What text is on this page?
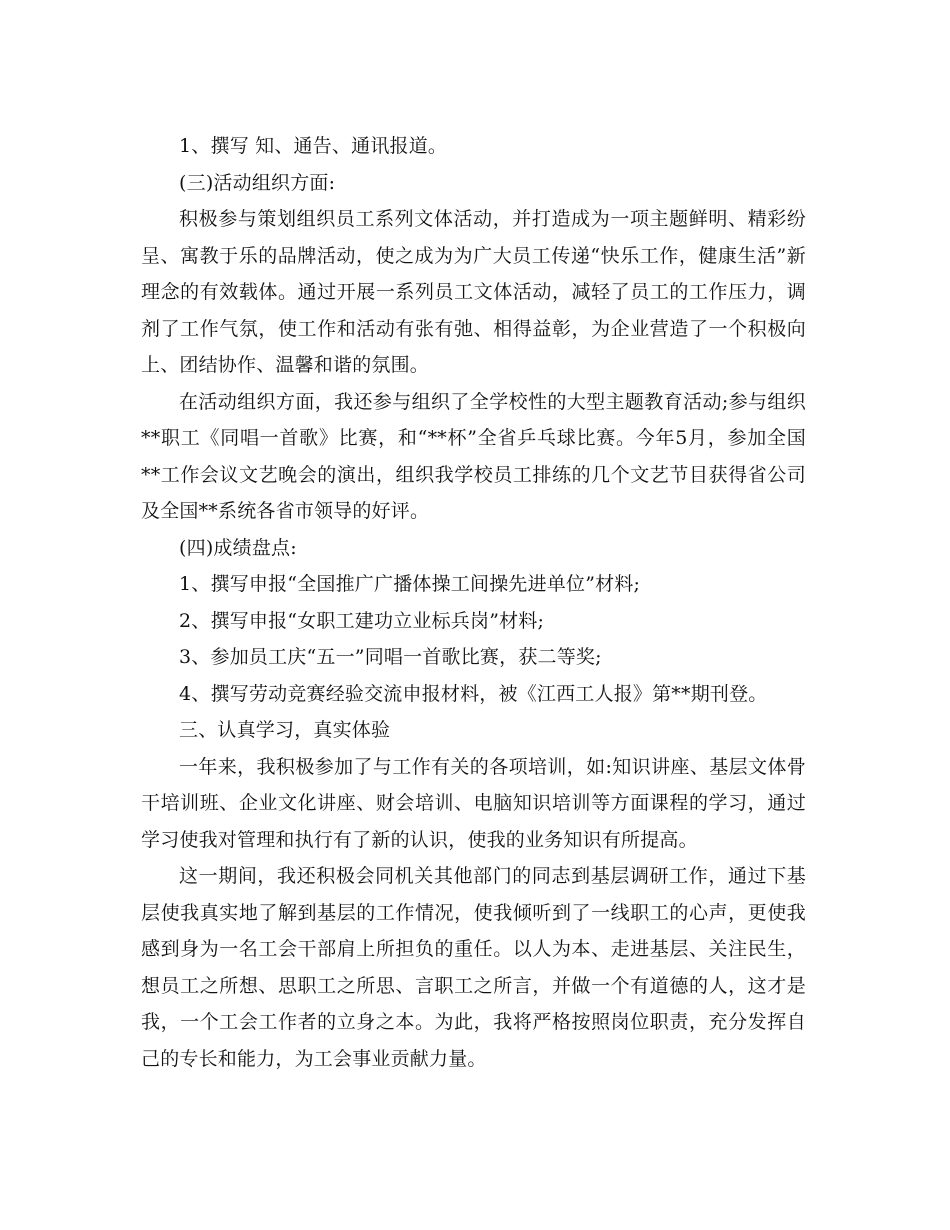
1、撰写 知、通告、通讯报道。

(三)活动组织方面:

积极参与策划组织员工系列文体活动，并打造成为一项主题鲜明、精彩纷呈、寓教于乐的品牌活动，使之成为为广大员工传递“快乐工作，健康生活”新理念的有效载体。通过开展一系列员工文体活动，减轻了员工的工作压力，调剂了工作气氛，使工作和活动有张有弛、相得益彰，为企业营造了一个积极向上、团结协作、温馨和谐的氛围。

在活动组织方面，我还参与组织了全学校性的大型主题教育活动;参与组织**职工《同唱一首歌》比赛，和“**杯”全省乒乓球比赛。今年5月，参加全国**工作会议文艺晚会的演出，组织我学校员工排练的几个文艺节目获得省公司及全国**系统各省市领导的好评。

(四)成绩盘点:

1、撰写申报“全国推广广播体操工间操先进单位”材料;

2、撰写申报“女职工建功立业标兵岗”材料;

3、参加员工庆“五一”同唱一首歌比赛，获二等奖;

4、撰写劳动竞赛经验交流申报材料，被《江西工人报》第**期刊登。

三、认真学习，真实体验

一年来，我积极参加了与工作有关的各项培训，如:知识讲座、基层文体骨干培训班、企业文化讲座、财会培训、电脑知识培训等方面课程的学习，通过学习使我对管理和执行有了新的认识，使我的业务知识有所提高。

这一期间，我还积极会同机关其他部门的同志到基层调研工作，通过下基层使我真实地了解到基层的工作情况，使我倾听到了一线职工的心声，更使我感到身为一名工会干部肩上所担负的重任。以人为本、走进基层、关注民生，想员工之所想、思职工之所思、言职工之所言，并做一个有道德的人，这才是我，一个工会工作者的立身之本。为此，我将严格按照岗位职责，充分发挥自己的专长和能力，为工会事业贡献力量。
